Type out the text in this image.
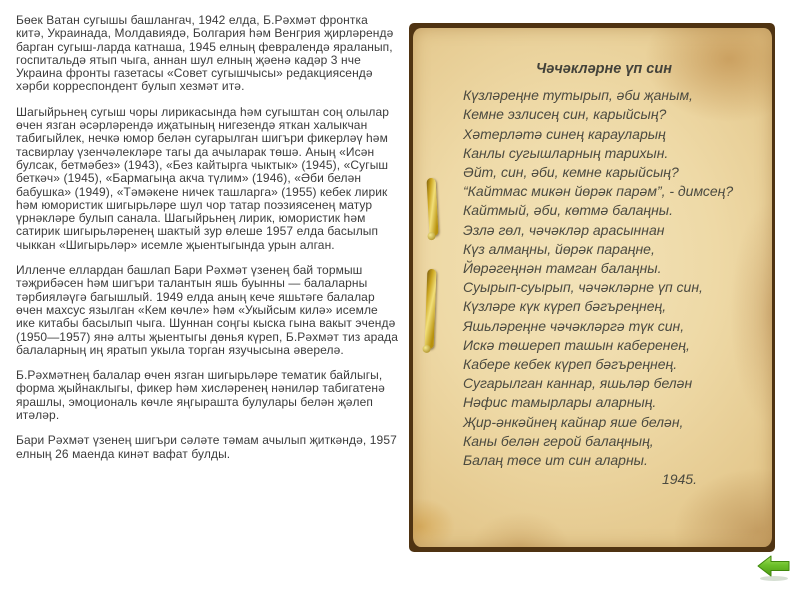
Бөек Ватан сугышы башлангач, 1942 елда, Б.Рәхмәт фронтка китә, Украинада, Молдавиядә, Болгария һәм Венгрия җирләрендә барган сугыш-ларда катнаша, 1945 елның февралендә яраланып, госпитальдә ятып чыга, аннан шул елның җәенә кадәр 3 нче Украина фронты газетасы «Совет сугышчысы» редакциясендә хәрби корреспондент булып хезмәт итә.

Шагыйрьнең сугыш чоры лирикасында һәм сугыштан соң олылар өчен язган әсәрләрендә иҗатының нигезендә яткан халыкчан табигыйлек, нечкә юмор белән сугарылган шигъри фикерләү һәм тасвирлау үзенчәлекләре тагы да ачыларак төшә. Аның «Исән булсак, бетмәбез» (1943), «Без кайтырга чыктык» (1945), «Сугыш беткәч» (1945), «Бармагыңа акча түлим» (1946), «Әби белән бабушка» (1949), «Тәмәкене ничек ташларга» (1955) кебек лирик һәм юмористик шигырьләре шул чор татар поэзиясенең матур үрнәкләре булып санала. Шагыйрьнең лирик, юмористик һәм сатирик шигырьләренең шактый зур өлеше 1957 елда басылып чыккан «Шигырьләр» исемле җыентыгында урын алган.

Илленче еллардан башлап Бари Рәхмәт үзенең бай тормыш тәҗрибәсен һәм шигъри талантын яшь буынны — балаларны тәрбияләүгә багышлый. 1949 елда аның кече яшьтәге балалар өчен махсус язылган «Кем көчле» һәм «Укыйсым килә» исемле ике китабы басылып чыга. Шуннан соңгы кыска гына вакыт эчендә (1950—1957) янә алты җыентыгы дөнья күреп, Б.Рәхмәт тиз арада балаларның иң яратып укыла торган язучысына әверелә.

Б.Рәхмәтнең балалар өчен язган шигырьләре тематик байлыгы, форма җыйнаклыгы, фикер һәм хисләренең нәниләр табигатенә ярашлы, эмоциональ көчле яңгырашта булулары белән җәлеп итәләр.

Бари Рәхмәт үзенең шигъри сәләте тәмам ачылып җиткәндә, 1957 елның 26 маенда кинәт вафат булды.

Чәчәкләрне үп син
Күзләреңне тутырып, әби җаным,
Кемне эзлисең син, карыйсың?
Хәтерләтә синең карауларың
Канлы сугышларның тарихын.
Әйт, син, әби, кемне карыйсың?
“Кайтмас микән йөрәк парәм”, - димсең?
Кайтмый, әби, көтмә балаңны.
Эзлә гөл, чәчәкләр арасыннан
Күз алмаңны, йөрәк параңне,
Йөрәгеңнән тамган балаңны.
Суырып-суырып, чәчәкләрне үп син,
Күзләре күк күреп бәгъреңнең,
Яшьләреңне чәчәкләргә түк син,
Искә төшереп ташын каберенең,
Кабере кебек күреп бәгъреңнең.
Сугарылган каннар, яшьләр белән
Нәфис тамырлары аларның.
Җир-әнкәйнең кайнар яше белән,
Каны белән герой балаңның,
Балаң төсе ит син аларны.
1945.
